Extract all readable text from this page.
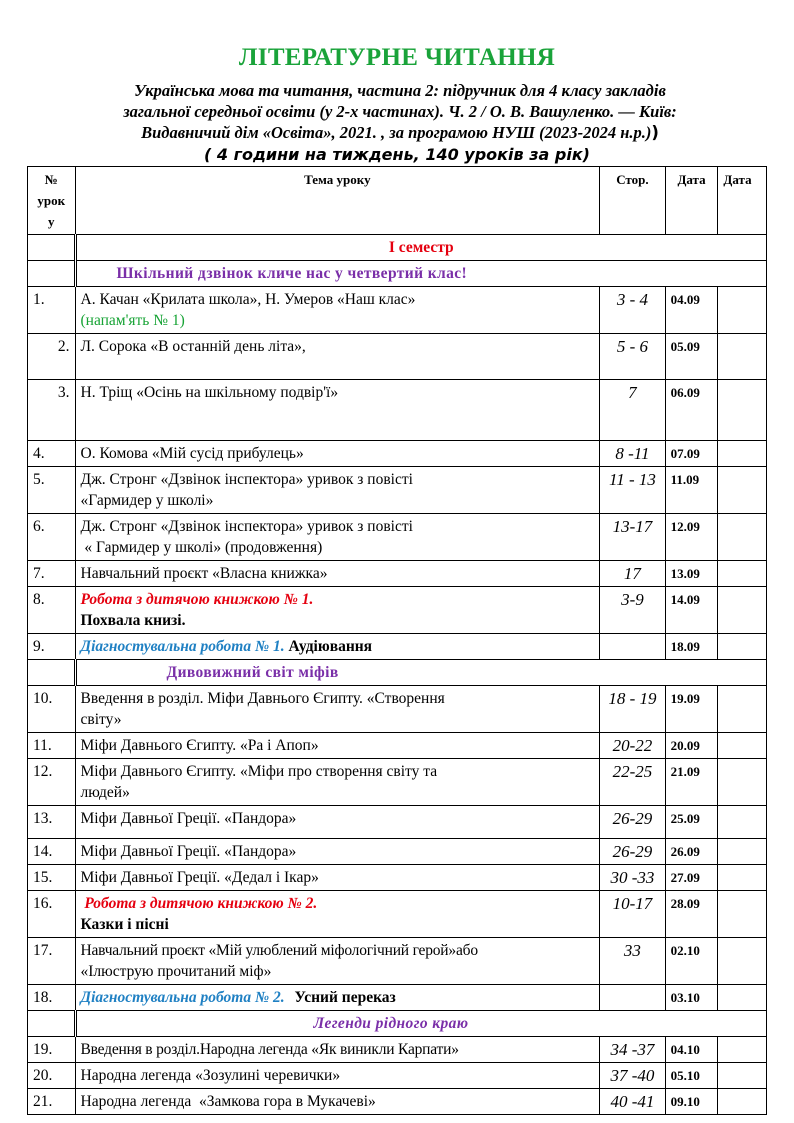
ЛІТЕРАТУРНЕ ЧИТАННЯ
Українська мова та читання, частина 2: підручник для 4 класу закладів
загальної середньої освіти (у 2-х частинах). Ч. 2 / О. В. Вашуленко. — Київ:
Видавничий дім «Освіта», 2021. , за програмою НУШ (2023-2024 н.р.))
( 4 години на тиждень, 140 уроків за рік)
№
урок
у	Тема уроку	Стор.	Дата	Дата
	І семестр			
	Шкільний дзвінок кличе нас у четвертий клас!			
1.	А. Качан «Крилата школа», Н. Умеров «Наш клас»
(напам'ять № 1)	3 - 4	04.09	
2.	Л. Сорока «В останній день літа»,	5 - 6	05.09	
3.	Н. Тріщ «Осінь на шкільному подвір'ї»	7	06.09	
4.	О. Комова «Мій сусід прибулець»	8 -11	07.09	
5.	Дж. Стронг «Дзвінок інспектора» уривок з повісті
«Гармидер у школі»	11 - 13	11.09	
6.	Дж. Стронг «Дзвінок інспектора» уривок з повісті
« Гармидер у школі» (продовження)	13-17	12.09	
7.	Навчальний проєкт «Власна книжка»	17	13.09	
8.	Робота з дитячою книжкою № 1.
Похвала книзі.	3-9	14.09	
9.	Діагностувальна робота № 1. Аудіювання		18.09	
	Дивовижний світ міфів			
10.	Введення в розділ. Міфи Давнього Єгипту. «Створення
світу»	18 - 19	19.09	
11.	Міфи Давнього Єгипту. «Ра і Апоп»	20-22	20.09	
12.	Міфи Давнього Єгипту. «Міфи про створення світу та
людей»	22-25	21.09	
13.	Міфи Давньої Греції. «Пандора»	26-29	25.09	
14.	Міфи Давньої Греції. «Пандора»	26-29	26.09	
15.	Міфи Давньої Греції. «Дедал і Ікар»	30 -33	27.09	
16.	Робота з дитячою книжкою № 2.
Казки і пісні	10-17	28.09	
17.	Навчальний проєкт «Мій улюблений міфологічний герой»або
«Ілюструю прочитаний міф»	33	02.10	
18.	Діагностувальна робота № 2. Усний переказ		03.10	
	Легенди рідного краю			
19.	Введення в розділ.Народна легенда «Як виникли Карпати»	34 -37	04.10	
20.	Народна легенда «Зозулині черевички»	37 -40	05.10	
21.	Народна легенда  «Замкова гора в Мукачеві»	40 -41	09.10	
